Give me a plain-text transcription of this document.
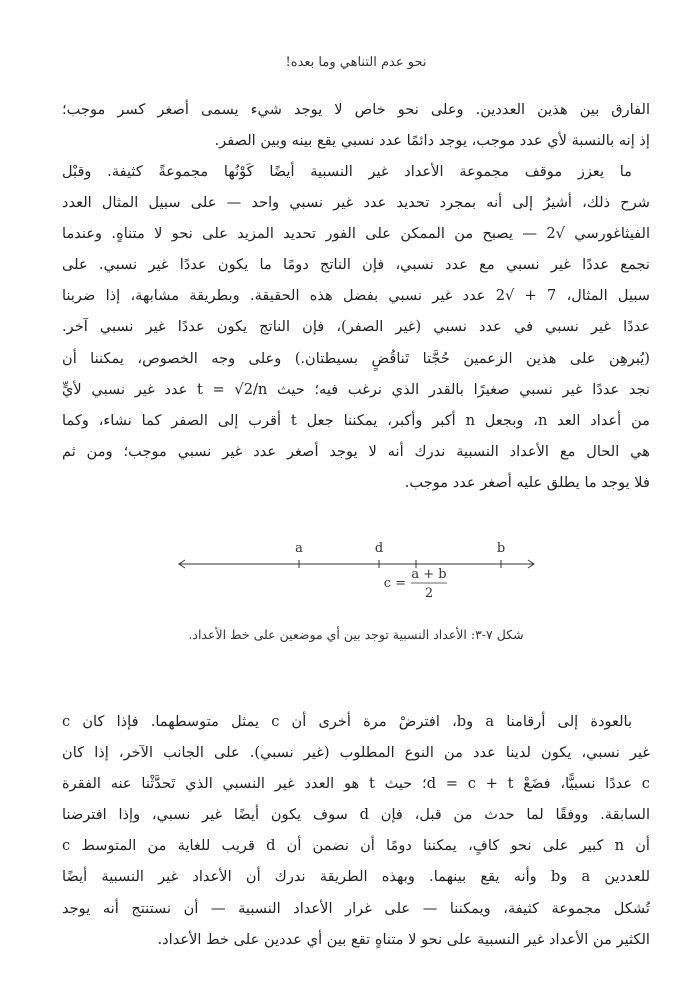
نحو عدم التناهي وما بعده!

الفارق بين هذين العددين. وعلى نحو خاص لا يوجد شيء يسمى أصغر كسر موجب؛
إذ إنه بالنسبة لأي عدد موجب، يوجد دائمًا عدد نسبي يقع بينه وبين الصفر.

ما يعزز موقف مجموعة الأعداد غير النسبية أيضًا كَوْنُها مجموعةً كثيفة. وقبْل
شرح ذلك، أشيرُ إلى أنه بمجرد تحديد عدد غير نسبي واحد — على سبيل المثال العدد
الفيثاغورسي √2 — يصبح من الممكن على الفور تحديد المزيد على نحو لا متناهٍ. وعندما
نجمع عددًا غير نسبي مع عدد نسبي، فإن الناتج دومًا ما يكون عددًا غير نسبي. على
سبيل المثال، 7 + √2 عدد غير نسبي بفضل هذه الحقيقة. وبطريقة مشابهة، إذا ضربنا
عددًا غير نسبي في عدد نسبي (غير الصفر)، فإن الناتج يكون عددًا غير نسبي آخر.
(يُبرهِن على هذين الزعمين حُجَّتا تَناقُضٍ بسيطتان.) وعلى وجه الخصوص، يمكننا أن
نجد عددًا غير نسبي صغيرًا بالقدر الذي نرغب فيه؛ حيث t = √2/n عدد غير نسبي لأيٍّ
من أعداد العد n، وبجعل n أكبر وأكبر، يمكننا جعل t أقرب إلى الصفر كما نشاء، وكما
هي الحال مع الأعداد النسبية ندرك أنه لا يوجد أصغر عدد غير نسبي موجب؛ ومن ثم
فلا يوجد ما يطلق عليه أصغر عدد موجب.

a	d	b
c =
a + b
2
شكل ٧-٣: الأعداد النسبية توجد بين أي موضعين على خط الأعداد.

بالعودة إلى أرقامنا a وb، افترضْ مرة أخرى أن c يمثل متوسطهما. فإذا كان c
غير نسبي، يكون لدينا عدد من النوع المطلوب (غير نسبي). على الجانب الآخر، إذا كان
c عددًا نسبيًّا، فضَعْ d = c + t؛ حيث t هو العدد غير النسبي الذي تَحدَّثْنا عنه الفقرة
السابقة. ووفقًا لما حدث من قبل، فإن d سوف يكون أيضًا غير نسبي، وإذا افترضنا
أن n كبير على نحو كافٍ، يمكننا دومًا أن نضمن أن d قريب للغاية من المتوسط c
للعددين a وb وأنه يقع بينهما. وبهذه الطريقة ندرك أن الأعداد غير النسبية أيضًا
تُشكل مجموعة كثيفة، ويمكننا — على غرار الأعداد النسبية — أن نستنتج أنه يوجد
الكثير من الأعداد غير النسبية على نحو لا متناهٍ تقع بين أي عددين على خط الأعداد.
